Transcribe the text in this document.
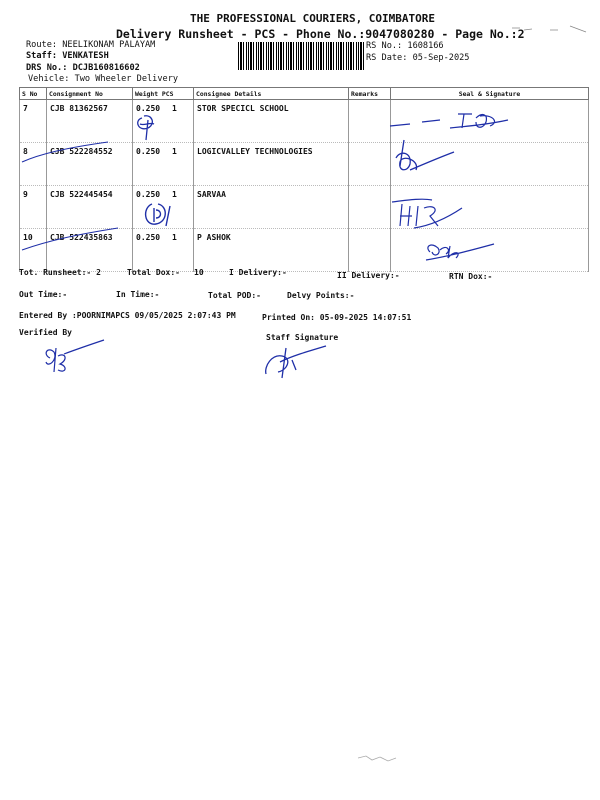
THE PROFESSIONAL COURIERS, COIMBATORE
Delivery Runsheet - PCS - Phone No.:9047080280 - Page No.:2
Route: NEELIKONAM PALAYAM
Staff: VENKATESH
DRS No.: DCJB160816602
Vehicle: Two Wheeler Delivery
RS No.: 1608166
RS Date: 05-Sep-2025
S No	Consignment No	Weight PCS	Consignee Details	Remarks	Seal & Signature
7	CJB 81362567	0.250 1	STOR SPECICL SCHOOL		
8	CJB 522284552	0.250 1	LOGICVALLEY TECHNOLOGIES		
9	CJB 522445454	0.250 1	SARVAA		
10	CJB 522435863	0.250 1	P ASHOK		
Tot. Runsheet:- 2	Total Dox:- 10	I Delivery:-	II Delivery:-	RTN Dox:-
Out Time:-	In Time:-	Total POD:-	Delvy Points:-
Entered By :POORNIMAPCS 09/05/2025 2:07:43 PM	Printed On: 05-09-2025 14:07:51
Verified By
Staff Signature
